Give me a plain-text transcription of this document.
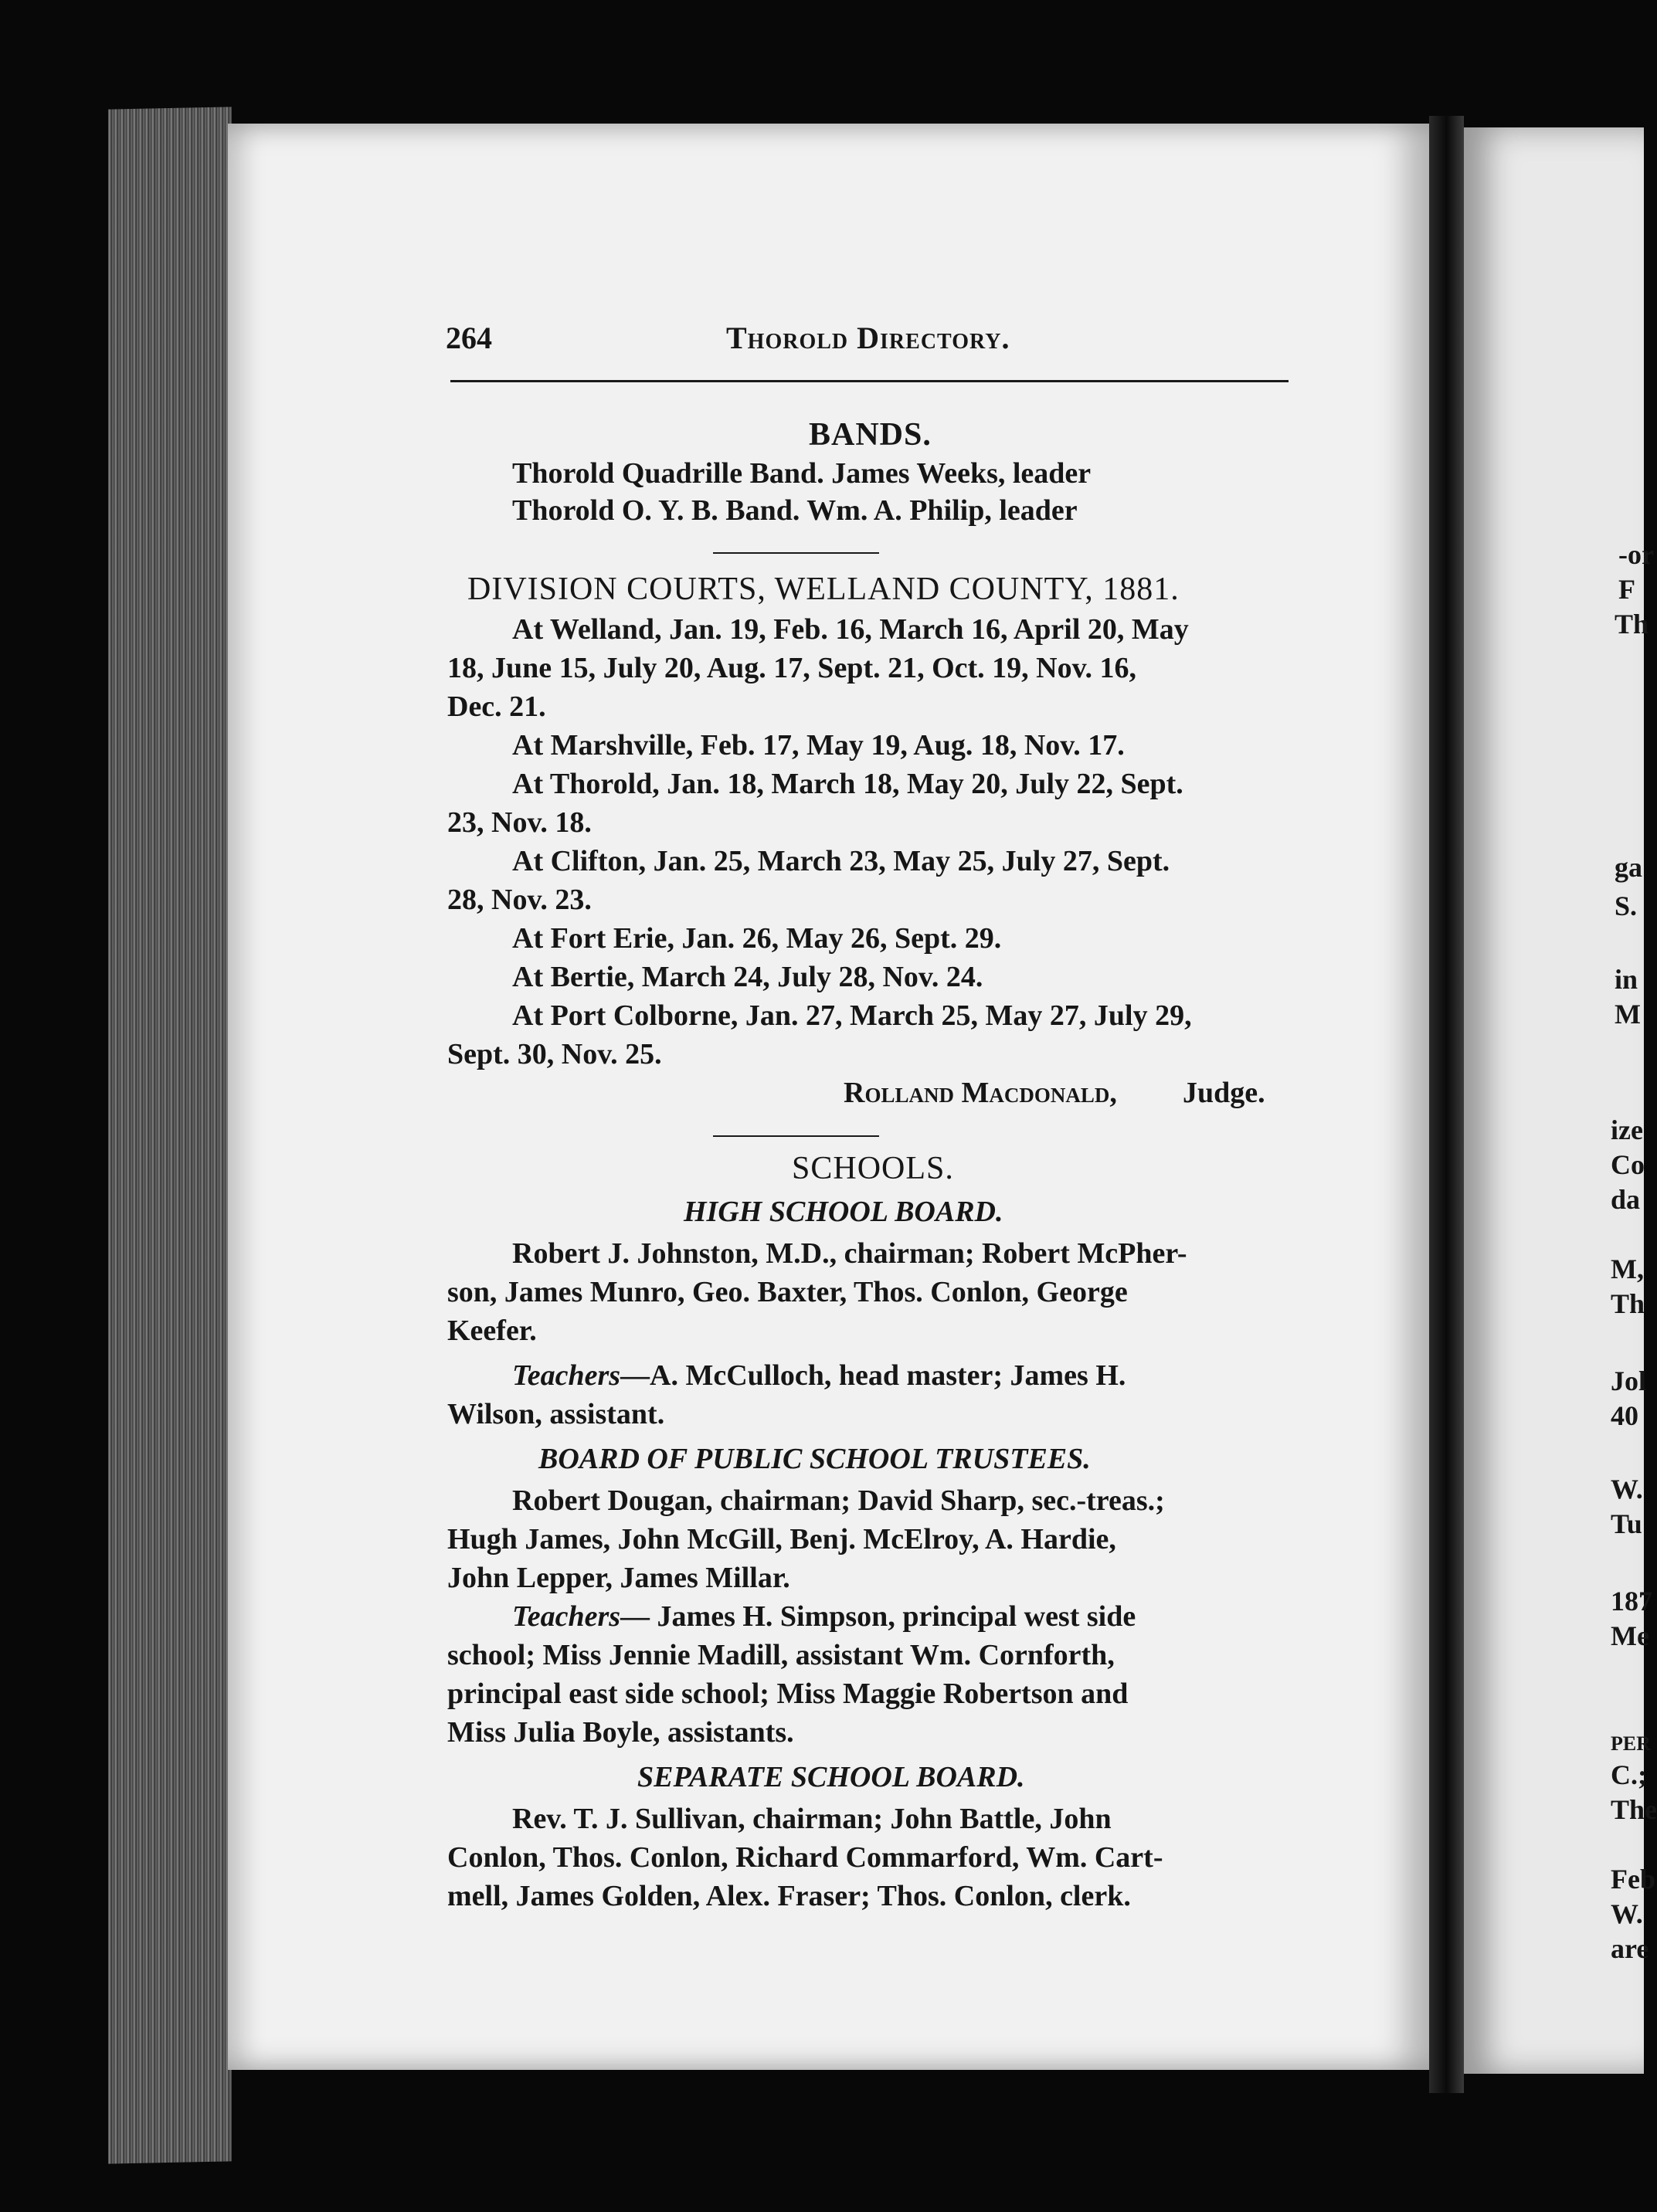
264	Thorold Directory.
BANDS.
Thorold Quadrille Band. James Weeks, leader
Thorold O. Y. B. Band. Wm. A. Philip, leader
DIVISION COURTS, WELLAND COUNTY, 1881.
At Welland, Jan. 19, Feb. 16, March 16, April 20, May
18, June 15, July 20, Aug. 17, Sept. 21, Oct. 19, Nov. 16,
Dec. 21.
At Marshville, Feb. 17, May 19, Aug. 18, Nov. 17.
At Thorold, Jan. 18, March 18, May 20, July 22, Sept.
23, Nov. 18.
At Clifton, Jan. 25, March 23, May 25, July 27, Sept.
28, Nov. 23.
At Fort Erie, Jan. 26, May 26, Sept. 29.
At Bertie, March 24, July 28, Nov. 24.
At Port Colborne, Jan. 27, March 25, May 27, July 29,
Sept. 30, Nov. 25.
Rolland Macdonald, Judge.
SCHOOLS.
HIGH SCHOOL BOARD.
Robert J. Johnston, M.D., chairman; Robert McPher-
son, James Munro, Geo. Baxter, Thos. Conlon, George
Keefer.
Teachers—A. McCulloch, head master; James H.
Wilson, assistant.
BOARD OF PUBLIC SCHOOL TRUSTEES.
Robert Dougan, chairman; David Sharp, sec.-treas.;
Hugh James, John McGill, Benj. McElroy, A. Hardie,
John Lepper, James Millar.
Teachers— James H. Simpson, principal west side
school; Miss Jennie Madill, assistant Wm. Cornforth,
principal east side school; Miss Maggie Robertson and
Miss Julia Boyle, assistants.
SEPARATE SCHOOL BOARD.
Rev. T. J. Sullivan, chairman; John Battle, John
Conlon, Thos. Conlon, Richard Commarford, Wm. Cart-
mell, James Golden, Alex. Fraser; Thos. Conlon, clerk.
-or
F
Th
ga
S.
in
M
ize
Co
da
M,
Th
Jol
40
W.
Tu
187
Me
PER
C.;
The
Feb
W.
are
